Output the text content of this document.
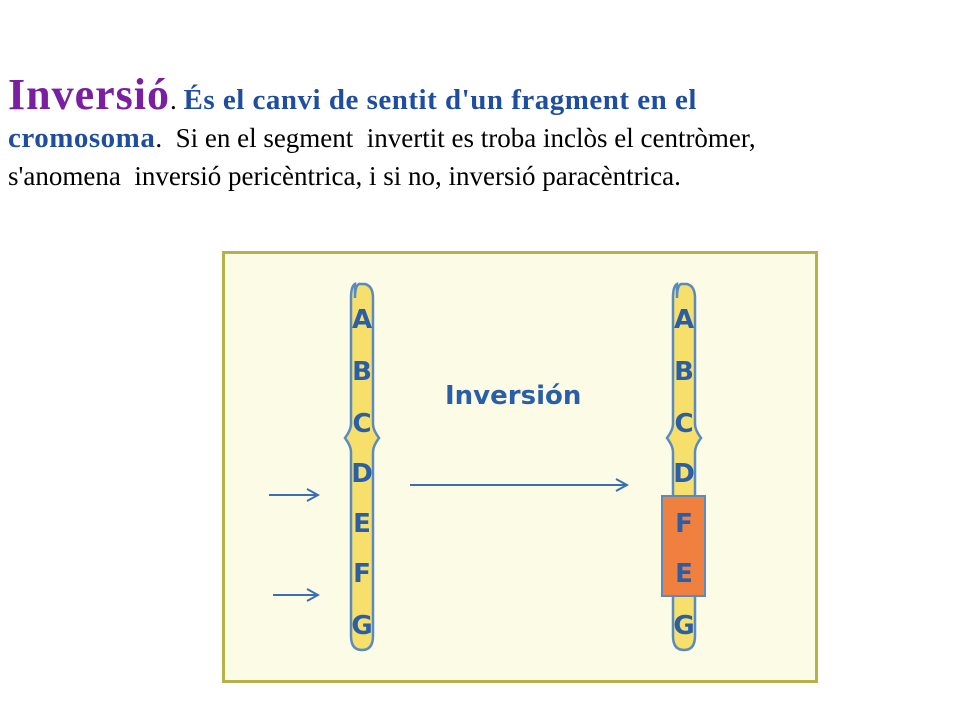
Inversió. És el canvi de sentit d'un fragment en el
cromosoma. Si en el segment  invertit es troba inclòs el centròmer,
s'anomena  inversió pericèntrica, i si no, inversió paracèntrica.
A
B
C
D
E
F
G
A
B
C
D
F
E
G
Inversión
